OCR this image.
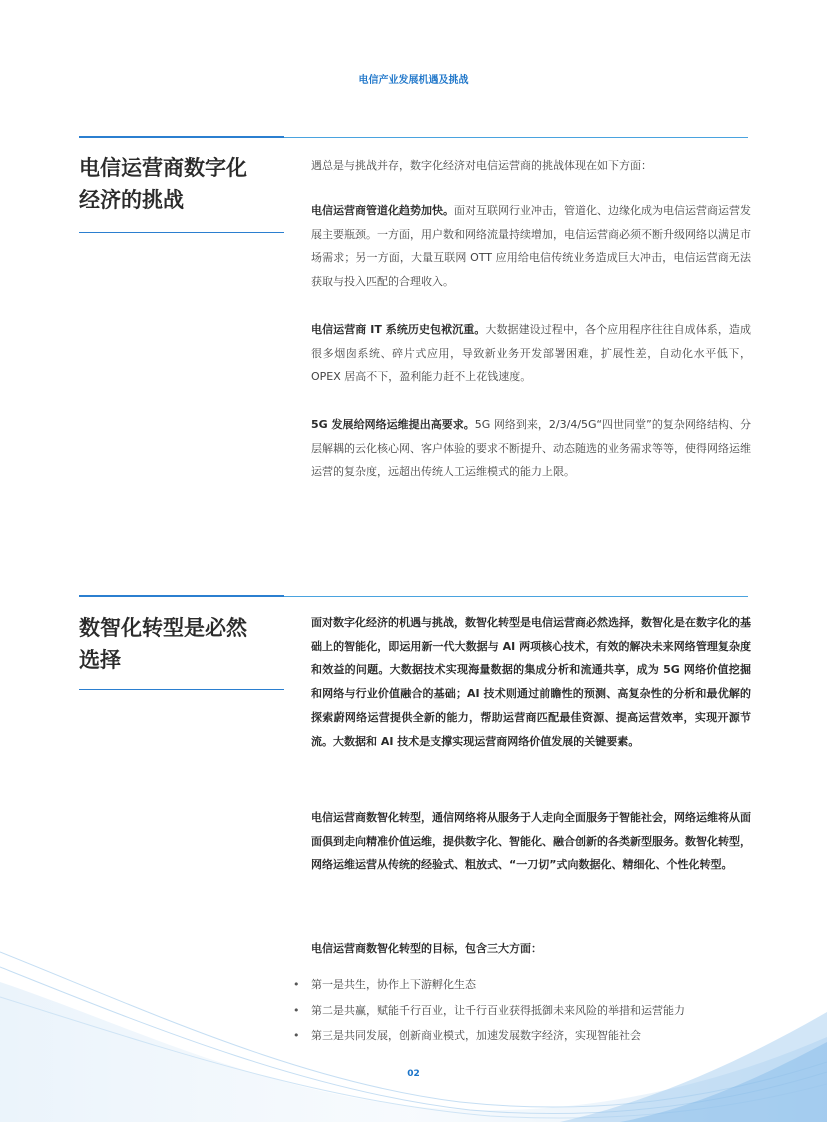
电信产业发展机遇及挑战
电信运营商数字化
经济的挑战
遇总是与挑战并存，数字化经济对电信运营商的挑战体现在如下方面：
电信运营商管道化趋势加快。面对互联网行业冲击，管道化、边缘化成为电信运营商运营发展主要瓶颈。一方面，用户数和网络流量持续增加，电信运营商必须不断升级网络以满足市场需求；另一方面，大量互联网 OTT 应用给电信传统业务造成巨大冲击，电信运营商无法获取与投入匹配的合理收入。
电信运营商 IT 系统历史包袱沉重。大数据建设过程中，各个应用程序往往自成体系，造成很多烟囱系统、碎片式应用，导致新业务开发部署困难，扩展性差，自动化水平低下，OPEX 居高不下，盈利能力赶不上花钱速度。
5G 发展给网络运维提出高要求。5G 网络到来，2/3/4/5G“四世同堂”的复杂网络结构、分层解耦的云化核心网、客户体验的要求不断提升、动态随选的业务需求等等，使得网络运维运营的复杂度，远超出传统人工运维模式的能力上限。
数智化转型是必然
选择
面对数字化经济的机遇与挑战，数智化转型是电信运营商必然选择，数智化是在数字化的基础上的智能化，即运用新一代大数据与 AI 两项核心技术，有效的解决未来网络管理复杂度和效益的问题。大数据技术实现海量数据的集成分析和流通共享，成为 5G 网络价值挖掘和网络与行业价值融合的基础；AI 技术则通过前瞻性的预测、高复杂性的分析和最优解的探索蔚网络运营提供全新的能力，帮助运营商匹配最佳资源、提高运营效率，实现开源节流。大数据和 AI 技术是支撑实现运营商网络价值发展的关键要素。
电信运营商数智化转型，通信网络将从服务于人走向全面服务于智能社会，网络运维将从面面俱到走向精准价值运维，提供数字化、智能化、融合创新的各类新型服务。数智化转型，网络运维运营从传统的经验式、粗放式、“一刀切”式向数据化、精细化、个性化转型。
电信运营商数智化转型的目标，包含三大方面：
• 第一是共生，协作上下游孵化生态
• 第二是共赢，赋能千行百业，让千行百业获得抵御未来风险的举措和运营能力
• 第三是共同发展，创新商业模式，加速发展数字经济，实现智能社会
02
